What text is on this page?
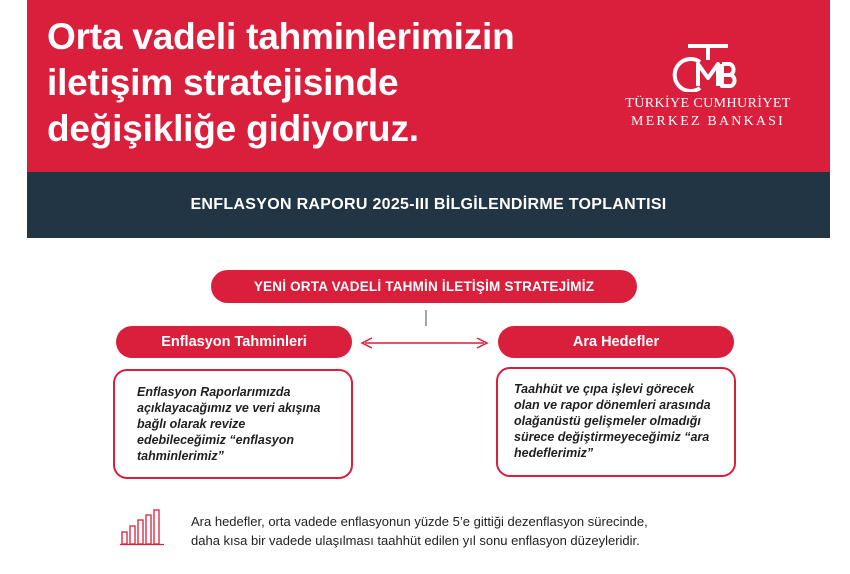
Orta vadeli tahminlerimizin
iletişim stratejisinde
değişikliğe gidiyoruz.
TÜRKİYE CUMHURİYET
MERKEZ BANKASI
ENFLASYON RAPORU 2025-III BİLGİLENDİRME TOPLANTISI
YENİ ORTA VADELİ TAHMİN İLETİŞİM STRATEJİMİZ
Enflasyon Tahminleri	Ara Hedefler
Enflasyon Raporlarımızda
açıklayacağımız ve veri akışına
bağlı olarak revize
edebileceğimiz “enflasyon
tahminlerimiz”
Taahhüt ve çıpa işlevi görecek
olan ve rapor dönemleri arasında
olağanüstü gelişmeler olmadığı
sürece değiştirmeyeceğimiz “ara
hedeflerimiz”
Ara hedefler, orta vadede enflasyonun yüzde 5’e gittiği dezenflasyon sürecinde,
daha kısa bir vadede ulaşılması taahhüt edilen yıl sonu enflasyon düzeyleridir.
